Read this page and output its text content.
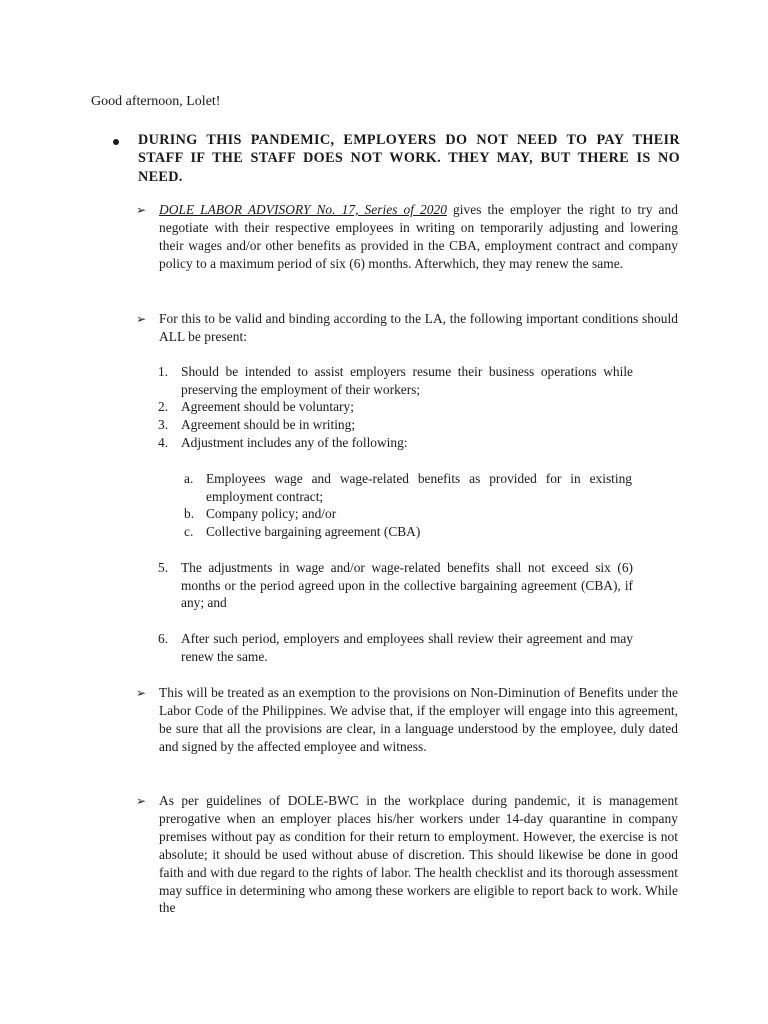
Good afternoon, Lolet!
DURING THIS PANDEMIC, EMPLOYERS DO NOT NEED TO PAY THEIR STAFF IF THE STAFF DOES NOT WORK. THEY MAY, BUT THERE IS NO NEED.
➢ DOLE LABOR ADVISORY No. 17, Series of 2020 gives the employer the right to try and negotiate with their respective employees in writing on temporarily adjusting and lowering their wages and/or other benefits as provided in the CBA, employment contract and company policy to a maximum period of six (6) months. Afterwhich, they may renew the same.
➢ For this to be valid and binding according to the LA, the following important conditions should ALL be present:
1. Should be intended to assist employers resume their business operations while preserving the employment of their workers;
2. Agreement should be voluntary;
3. Agreement should be in writing;
4. Adjustment includes any of the following:
a. Employees wage and wage-related benefits as provided for in existing employment contract;
b. Company policy; and/or
c. Collective bargaining agreement (CBA)
5. The adjustments in wage and/or wage-related benefits shall not exceed six (6) months or the period agreed upon in the collective bargaining agreement (CBA), if any; and
6. After such period, employers and employees shall review their agreement and may renew the same.
➢ This will be treated as an exemption to the provisions on Non-Diminution of Benefits under the Labor Code of the Philippines. We advise that, if the employer will engage into this agreement, be sure that all the provisions are clear, in a language understood by the employee, duly dated and signed by the affected employee and witness.
➢ As per guidelines of DOLE-BWC in the workplace during pandemic, it is management prerogative when an employer places his/her workers under 14-day quarantine in company premises without pay as condition for their return to employment. However, the exercise is not absolute; it should be used without abuse of discretion. This should likewise be done in good faith and with due regard to the rights of labor. The health checklist and its thorough assessment may suffice in determining who among these workers are eligible to report back to work. While the
